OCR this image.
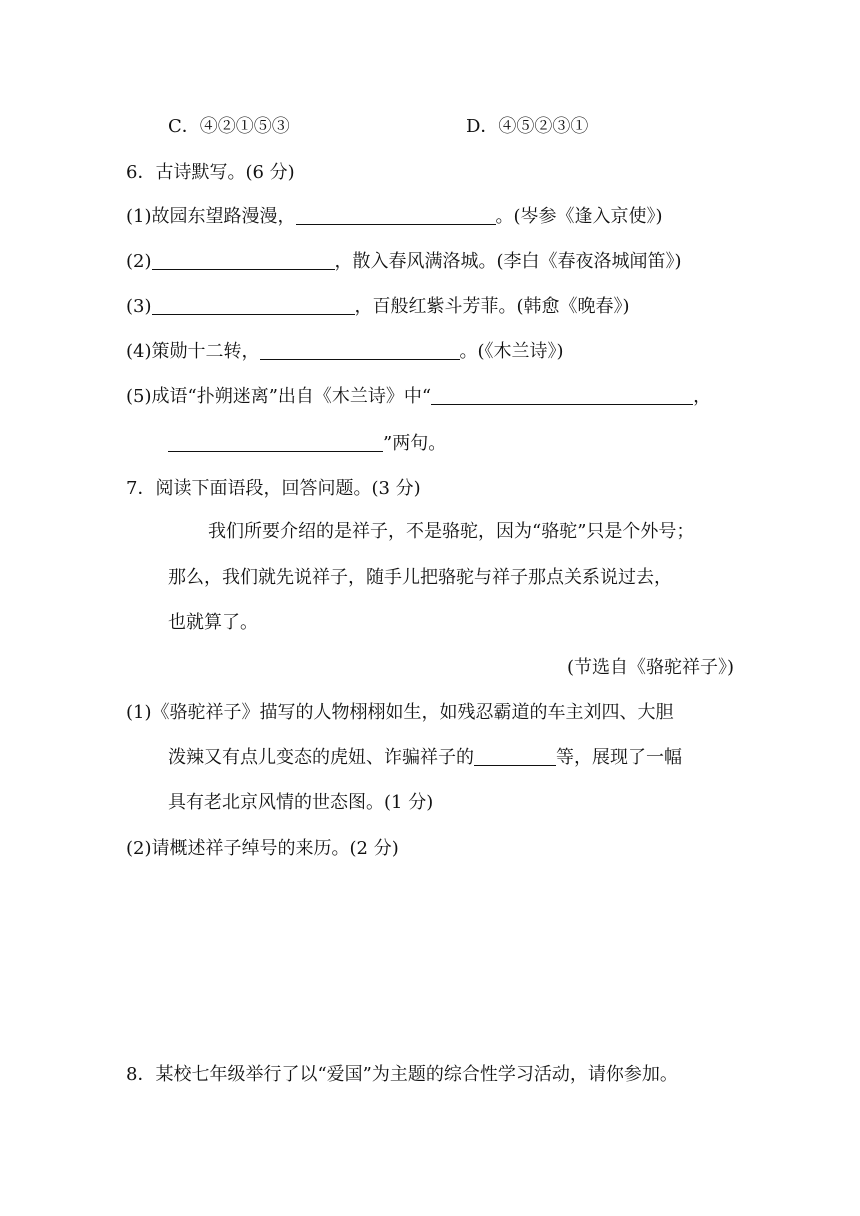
C．④②①⑤③	D．④⑤②③①
6．古诗默写。(6 分)
(1)故园东望路漫漫，	。(岑参《逢入京使》)
(2)	，散入春风满洛城。(李白《春夜洛城闻笛》)
(3)	，百般红紫斗芳菲。(韩愈《晚春》)
(4)策勋十二转，	。(《木兰诗》)
(5)成语“扑朔迷离”出自《木兰诗》中“	，
”两句。
7．阅读下面语段，回答问题。(3 分)
我们所要介绍的是祥子，不是骆驼，因为“骆驼”只是个外号；
那么，我们就先说祥子，随手儿把骆驼与祥子那点关系说过去，
也就算了。
(节选自《骆驼祥子》)
(1)《骆驼祥子》描写的人物栩栩如生，如残忍霸道的车主刘四、大胆
泼辣又有点儿变态的虎妞、诈骗祥子的	等，展现了一幅
具有老北京风情的世态图。(1 分)
(2)请概述祥子绰号的来历。(2 分)
8．某校七年级举行了以“爱国”为主题的综合性学习活动，请你参加。
